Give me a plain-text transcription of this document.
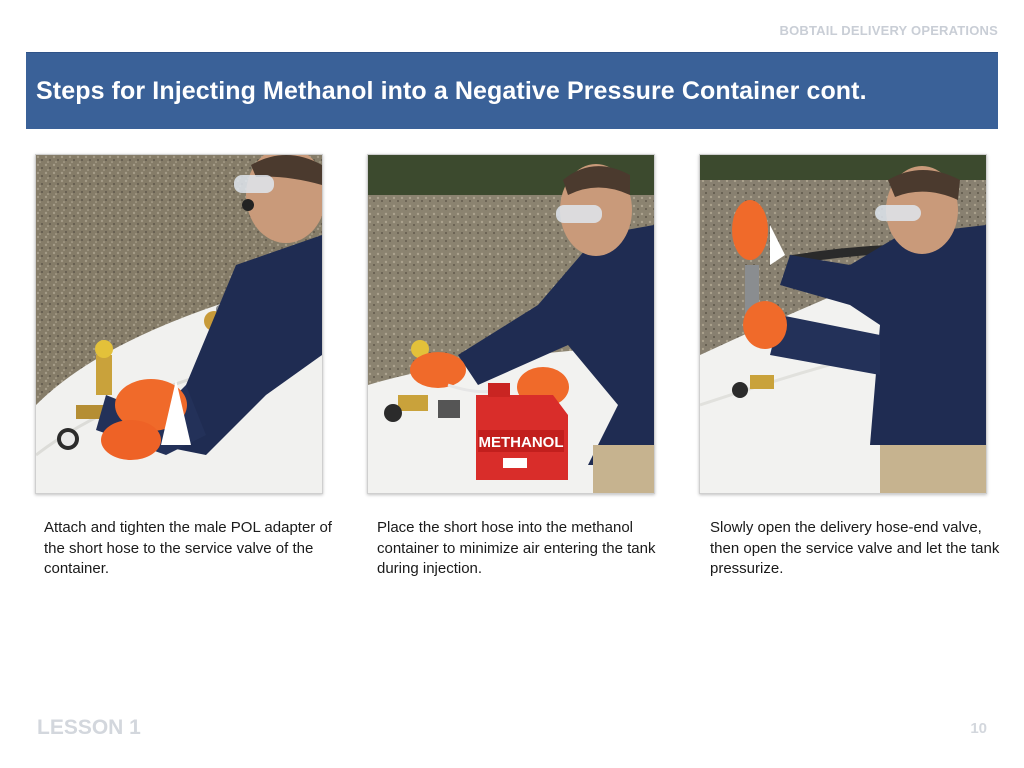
BOBTAIL DELIVERY OPERATIONS
Steps for Injecting Methanol into a Negative Pressure Container cont.
METHANOL
Attach and tighten the male POL adapter of the short hose to the service valve of the container.
Place the short hose into the methanol container to minimize air entering the tank during injection.
Slowly open the delivery hose-end valve, then open the service valve and let the tank pressurize.
LESSON 1	10
